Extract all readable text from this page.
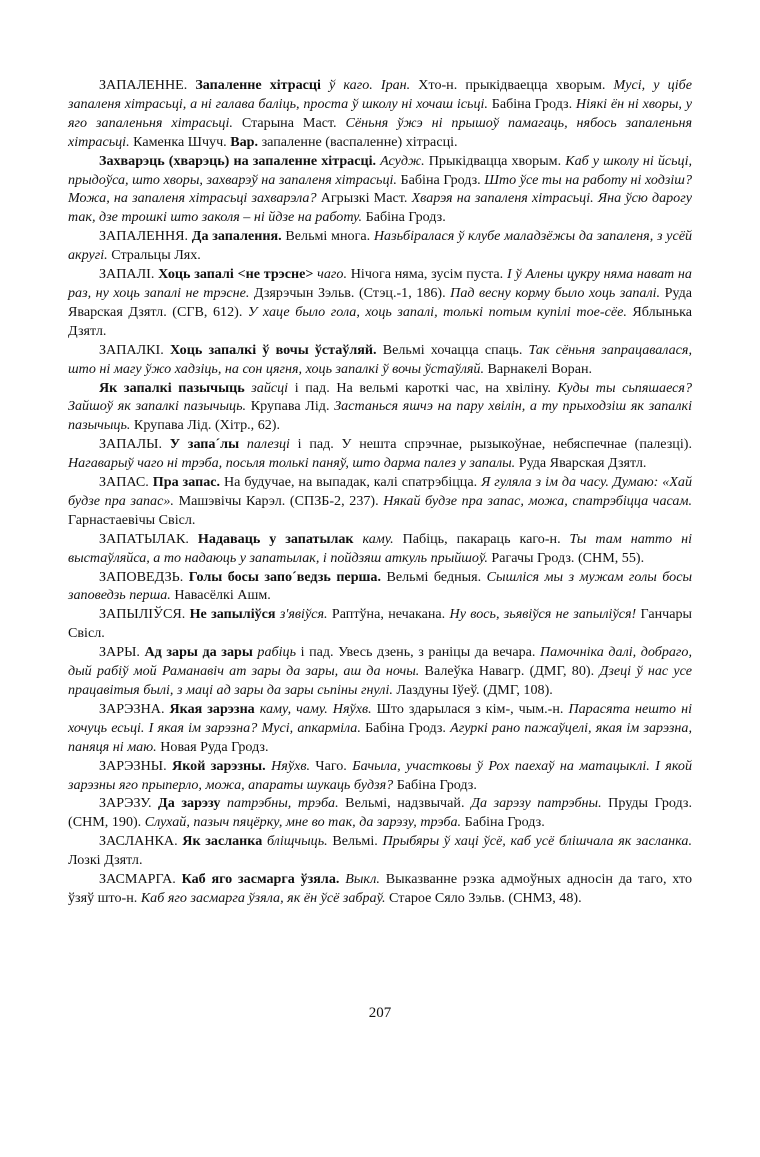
ЗАПАЛЕННЕ. Запаленне хітрасці ў каго. Іран. Хто-н. прыкідваецца хворым. Мусі, у цібе запаленя хітрасьці, а ні галава баліць, проста ў школу ні хочаш ісьці. Бабіна Гродз. Ніякі ён ні хворы, у яго запаленьня хітрасьці. Старына Маст. Сёньня ўжэ ні прышоў памагаць, нябось запаленьня хітрасьці. Каменка Шчуч. Вар. запаленне (васпаленне) хітрасці.

Захварэць (хварэць) на запаленне хітрасці. Асудж. Прыкідвацца хворым. Каб у школу ні йсьці, прыдоўса, што хворы, захварэў на запаленя хітрасьці. Бабіна Гродз. Што ўсе ты на работу ні ходзіш? Можа, на запаленя хітрасьці захварэла? Агрызкі Маст. Хварэя на запаленя хітрасьці. Яна ўсю дарогу так, дзе трошкі што заколя – ні йдзе на работу. Бабіна Гродз.

ЗАПАЛЕННЯ. Да запалення. Вельмі многа. Назьбіралася ў клубе маладзёжы да запаленя, з усёй акругі. Стральцы Лях.

ЗАПАЛІ. Хоць запалі <не трэсне> чаго. Нічога няма, зусім пуста. І ў Алены цукру няма нават на раз, ну хоць запалі не трэсне. Дзярэчын Зэльв. (Стэц.-1, 186). Пад весну корму было хоць запалі. Руда Яварская Дзятл. (СГВ, 612). У хаце было гола, хоць запалі, толькі потым купілі тое-сёе. Яблынька Дзятл.

ЗАПАЛКІ. Хоць запалкі ў вочы ўстаўляй. Вельмі хочацца спаць. Так сёньня запрацавалася, што ні магу ўжо хадзіць, на сон цягня, хоць запалкі ў вочы ўстаўляй. Варнакелі Воран.

Як запалкі пазычыць зайсці і пад. На вельмі кароткі час, на хвіліну. Куды ты сьпяшаеся? Зайшоў як запалкі пазычыць. Крупава Лід. Застанься яшчэ на пару хвілін, а ту прыходзіш як запалкі пазычыць. Крупава Лід. (Хітр., 62).

ЗАПАЛЫ. У запа´лы палезці і пад. У нешта спрэчнае, рызыкоўнае, небяспечнае (палезці). Нагаварыў чаго ні трэба, посьля толькі паняў, што дарма палез у запалы. Руда Яварская Дзятл.

ЗАПАС. Пра запас. На будучае, на выпадак, калі спатрэбіцца. Я гуляла з ім да часу. Думаю: «Хай будзе пра запас». Машэвічы Карэл. (СПЗБ-2, 237). Някай будзе пра запас, можа, спатрэбіцца часам. Гарнастаевічы Свісл.

ЗАПАТЫЛАК. Надаваць у запатылак каму. Пабіць, пакараць каго-н. Ты там натто ні выстаўляйса, а то надаюць у запатылак, і пойдзяш аткуль прыйшоў. Рагачы Гродз. (СНМ, 55).

ЗАПОВЕДЗЬ. Голы босы запо´ведзь перша. Вельмі бедныя. Сышліся мы з мужам голы босы заповедзь перша. Навасёлкі Ашм.

ЗАПЫЛІЎСЯ. Не запыліўся з'явіўся. Раптўна, нечакана. Ну вось, зьявіўся не запыліўся! Ганчары Свісл.

ЗАРЫ. Ад зары да зары рабіць і пад. Увесь дзень, з раніцы да вечара. Памочніка далі, добраго, дый рабіў мой Раманавіч ат зары да зары, аш да ночы. Валеўка Навагр. (ДМГ, 80). Дзеці ў нас усе працавітыя былі, з маці ад зары да зары сьпіны гнулі. Лаздуны Іўеў. (ДМГ, 108).

ЗАРЭЗНА. Якая зарэзна каму, чаму. Няўхв. Што здарылася з кім-, чым.-н. Парасята нешто ні хочуць есьці. І якая ім зарэзна? Мусі, апкарміла. Бабіна Гродз. Агуркі рано пажаўцелі, якая ім зарэзна, паняця ні маю. Новая Руда Гродз.

ЗАРЭЗНЫ. Якой зарэзны. Няўхв. Чаго. Бачыла, участковы ў Рох паехаў на матацыклі. І якой зарэзны яго прыперло, можа, апараты шукаць будзя? Бабіна Гродз.

ЗАРЭЗУ. Да зарэзу патрэбны, трэба. Вельмі, надзвычай. Да зарэзу патрэбны. Пруды Гродз. (СНМ, 190). Слухай, пазыч пяцёрку, мне во так, да зарэзу, трэба. Бабіна Гродз.

ЗАСЛАНКА. Як засланка бліщчыць. Вельмі. Прыбяры ў хаці ўсё, каб усё блішчала як засланка. Лозкі Дзятл.

ЗАСМАРГА. Каб яго засмарга ўзяла. Выкл. Выказванне рэзка адмоўных адносін да таго, хто ўзяў што-н. Каб яго засмарга ўзяла, як ён ўсё забраў. Старое Сяло Зэльв. (СНМЗ, 48).

207
